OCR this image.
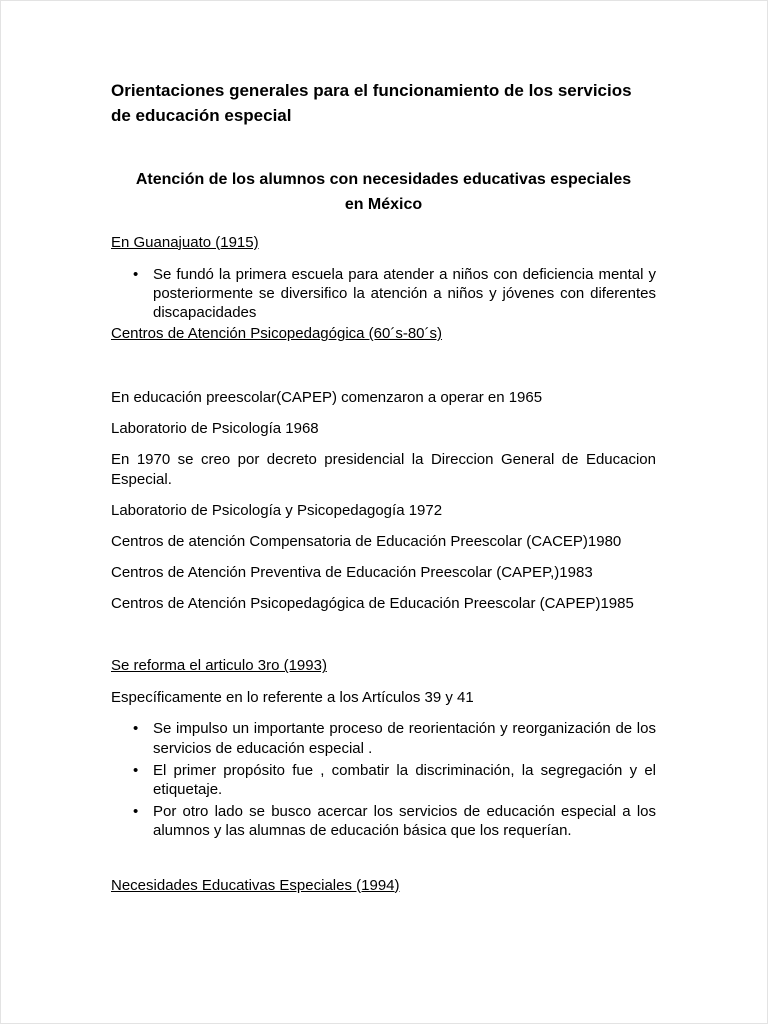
Orientaciones generales para el funcionamiento de los servicios de educación especial
Atención de los alumnos con necesidades educativas especiales en México
En Guanajuato (1915)
• Se fundó la primera escuela para atender a niños con deficiencia mental y posteriormente se diversifico la atención a niños y jóvenes con diferentes discapacidades
Centros de Atención Psicopedagógica (60´s-80´s)

En educación preescolar(CAPEP) comenzaron a operar en 1965

Laboratorio de Psicología 1968

En 1970 se creo por decreto presidencial la Direccion General de Educacion Especial.

Laboratorio de Psicología y Psicopedagogía 1972

Centros de atención Compensatoria de Educación Preescolar (CACEP)1980

Centros de Atención Preventiva de Educación Preescolar (CAPEP,)1983

Centros de Atención Psicopedagógica de Educación Preescolar (CAPEP)1985

Se reforma el articulo 3ro (1993)

Específicamente en lo referente a los Artículos 39 y 41

• Se impulso un importante proceso de reorientación y reorganización de los servicios de educación especial .
• El primer propósito fue , combatir la discriminación, la segregación y el etiquetaje.
• Por otro lado se busco acercar los servicios de educación especial a los alumnos y las alumnas de educación básica que los requerían.
Necesidades Educativas Especiales (1994)
